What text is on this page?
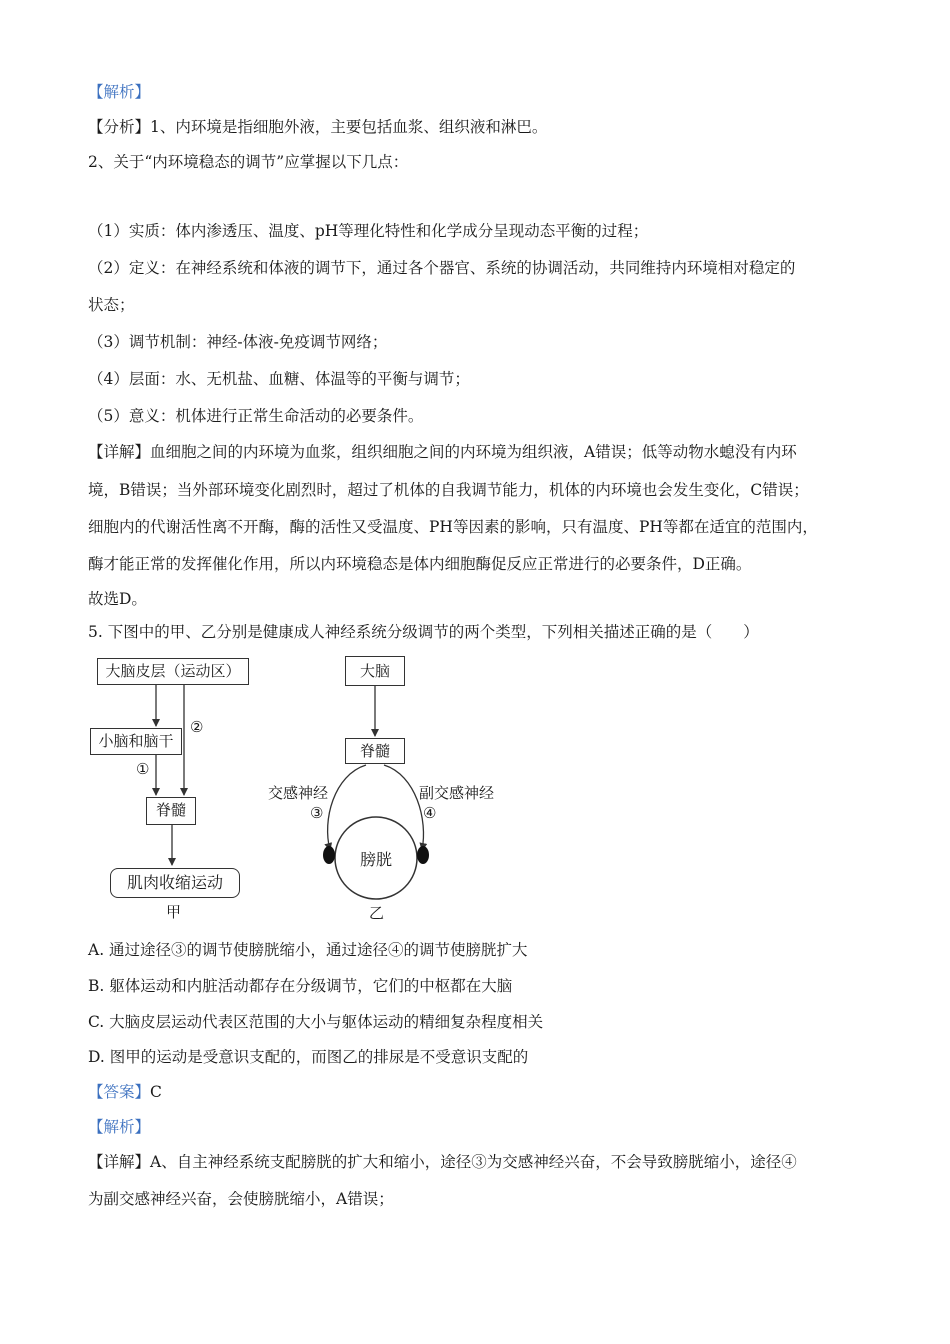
【解析】
【分析】1、内环境是指细胞外液，主要包括血浆、组织液和淋巴。
2、关于“内环境稳态的调节”应掌握以下几点：
（1）实质：体内渗透压、温度、pH等理化特性和化学成分呈现动态平衡的过程；
（2）定义：在神经系统和体液的调节下，通过各个器官、系统的协调活动，共同维持内环境相对稳定的
状态；
（3）调节机制：神经-体液-免疫调节网络；
（4）层面：水、无机盐、血糖、体温等的平衡与调节；
（5）意义：机体进行正常生命活动的必要条件。
【详解】血细胞之间的内环境为血浆，组织细胞之间的内环境为组织液，A错误；低等动物水螅没有内环
境，B错误；当外部环境变化剧烈时，超过了机体的自我调节能力，机体的内环境也会发生变化，C错误；
细胞内的代谢活性离不开酶，酶的活性又受温度、PH等因素的影响，只有温度、PH等都在适宜的范围内，
酶才能正常的发挥催化作用，所以内环境稳态是体内细胞酶促反应正常进行的必要条件，D正确。
故选D。
5. 下图中的甲、乙分别是健康成人神经系统分级调节的两个类型，下列相关描述正确的是（　　）
大脑皮层（运动区）
小脑和脑干
脊髓
肌肉收缩运动
①
②
甲
大脑
脊髓
交感神经	副交感神经
③	④
膀胱
乙
A. 通过途径③的调节使膀胱缩小，通过途径④的调节使膀胱扩大
B. 躯体运动和内脏活动都存在分级调节，它们的中枢都在大脑
C. 大脑皮层运动代表区范围的大小与躯体运动的精细复杂程度相关
D. 图甲的运动是受意识支配的，而图乙的排尿是不受意识支配的
【答案】C
【解析】
【详解】A、自主神经系统支配膀胱的扩大和缩小，途径③为交感神经兴奋，不会导致膀胱缩小，途径④
为副交感神经兴奋，会使膀胱缩小，A错误；
